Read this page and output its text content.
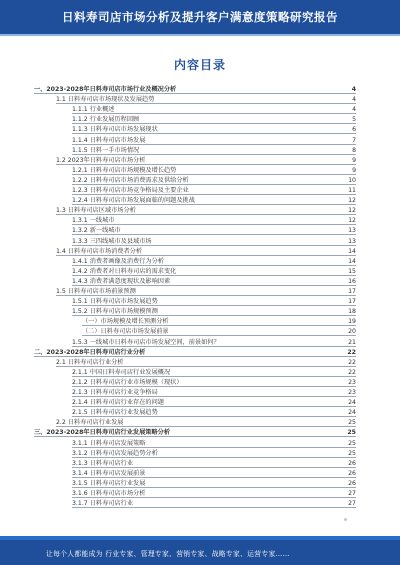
日料寿司店市场分析及提升客户满意度策略研究报告
内容目录
一、2023-2028年日料寿司店市场行业及概况分析	4
1.1 日料寿司店市场现状及发展趋势	4
1.1.1 行业概述	4
1.1.2 行业发展历程回顾	5
1.1.3 日料寿司店市场发展现状	6
1.1.4 日料寿司店市场发展	7
1.1.5 日料一手市场情况	8
1.2 2023年日料寿司店市场分析	9
1.2.1 日料寿司店市场规模及增长趋势	9
1.2.2 日料寿司店市场消费需求及供给分析	10
1.2.3 日料寿司店市场竞争格局及主要企业	11
1.2.4 日料寿司店市场发展面临的问题及挑战	12
1.3 日料寿司店区域市场分析	12
1.3.1 一线城市	12
1.3.2 新一线城市	13
1.3.3 三四线城市及县域市场	13
1.4 日料寿司店市场消费者分析	14
1.4.1 消费者画像及消费行为分析	14
1.4.2 消费者对日料寿司店的需求变化	15
1.4.3 消费者满意度现状及影响因素	16
1.5 日料寿司店市场前景预测	17
1.5.1 日料寿司店市场发展趋势	17
1.5.2 日料寿司店市场规模预测	18
（一）市场规模及增长预测分析	19
（二）日料寿司店市场发展前景	20
1.5.3 一线城市日料寿司店市场发展空间，前景如何？	21
二、2023-2028年日料寿司店行业分析	22
2.1 日料寿司店行业分析	22
2.1.1 中国日料寿司店行业发展概况	22
2.1.2 日料寿司店行业市场规模（现状）	23
2.1.3 日料寿司店行业竞争格局	23
2.1.4 日料寿司店行业存在的问题	24
2.1.5 日料寿司店行业发展趋势	24
2.2 日料寿司店行业发展	25
三、2023-2028年日料寿司店行业发展策略分析	25
3.1.1 日料寿司店发展策略	25
3.1.2 日料寿司店发展趋势分析	25
3.1.3 日料寿司店行业	26
3.1.4 日料寿司店发展前景	26
3.1.5 日料寿司店行业发展	26
3.1.6 日料寿司店市场分析	27
3.1.7 日料寿司店行业	27
让每个人都能成为 行业专家、管理专家、营销专家、战略专家、运营专家……
